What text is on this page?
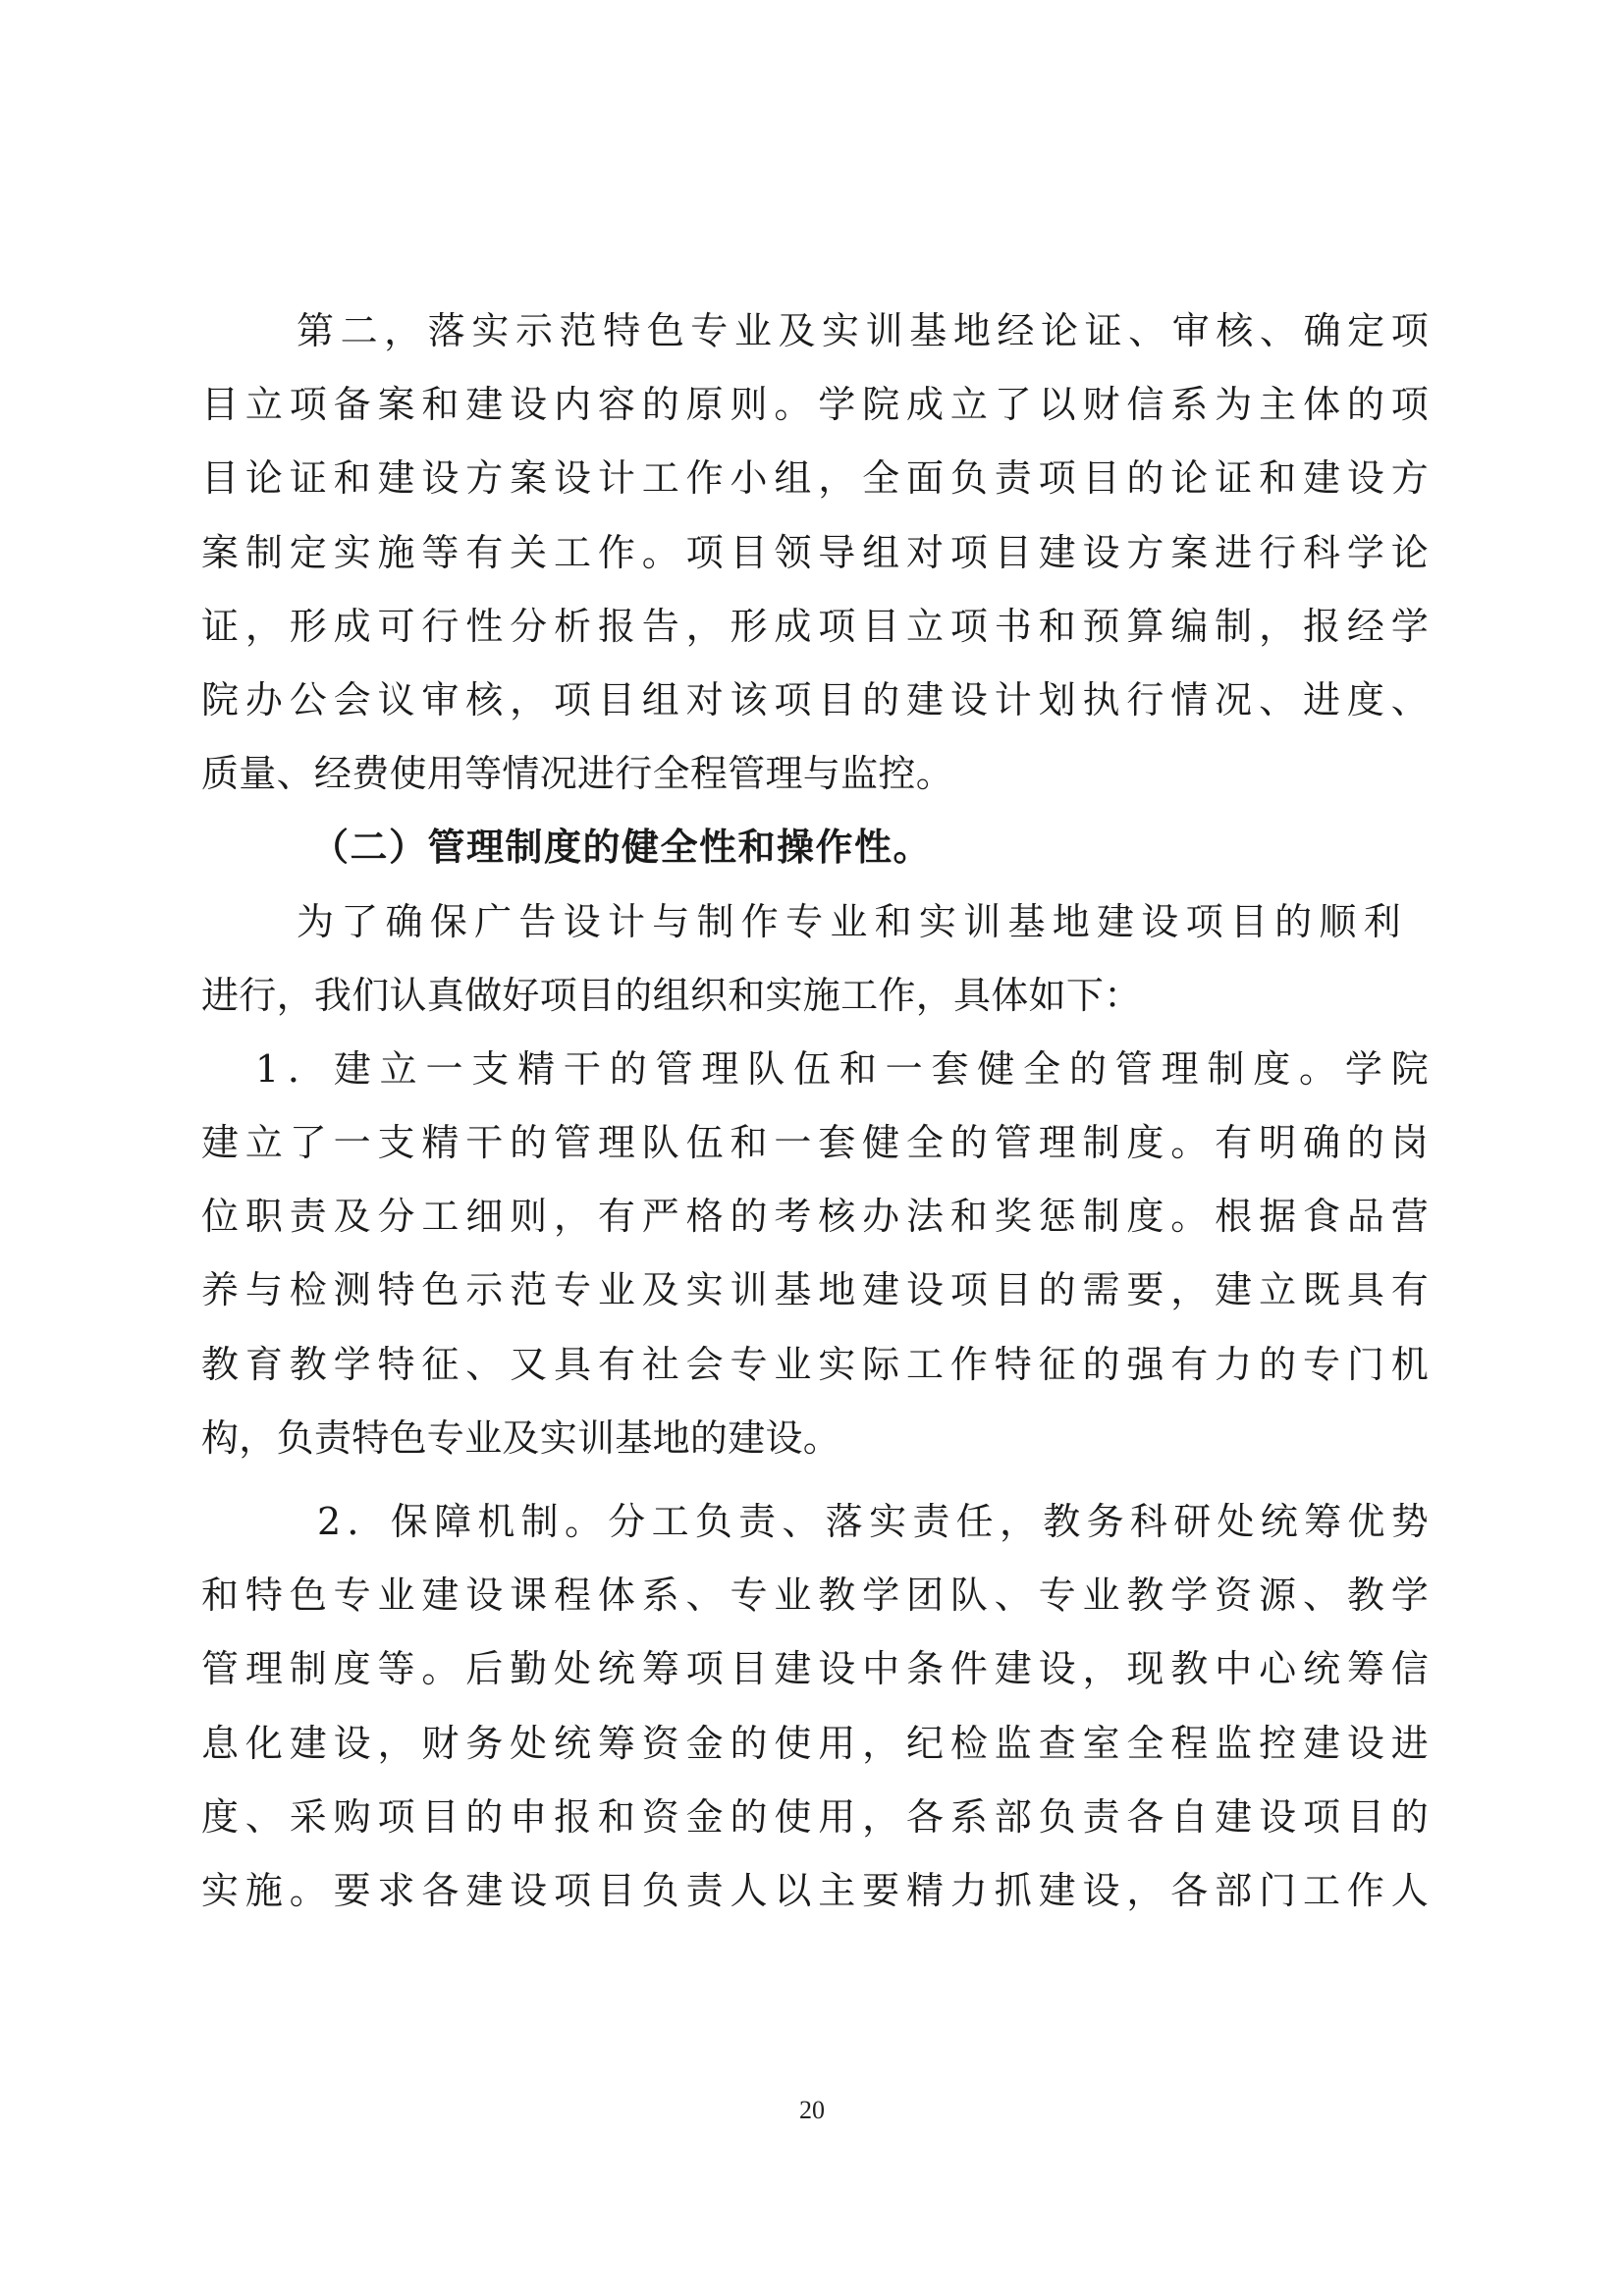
第二，落实示范特色专业及实训基地经论证、审核、确定项
目立项备案和建设内容的原则。学院成立了以财信系为主体的项
目论证和建设方案设计工作小组，全面负责项目的论证和建设方
案制定实施等有关工作。项目领导组对项目建设方案进行科学论
证，形成可行性分析报告，形成项目立项书和预算编制，报经学
院办公会议审核，项目组对该项目的建设计划执行情况、进度、
质量、经费使用等情况进行全程管理与监控。
（二）管理制度的健全性和操作性。
为了确保广告设计与制作专业和实训基地建设项目的顺利
进行，我们认真做好项目的组织和实施工作，具体如下：
1．建立一支精干的管理队伍和一套健全的管理制度。学院
建立了一支精干的管理队伍和一套健全的管理制度。有明确的岗
位职责及分工细则，有严格的考核办法和奖惩制度。根据食品营
养与检测特色示范专业及实训基地建设项目的需要，建立既具有
教育教学特征、又具有社会专业实际工作特征的强有力的专门机
构，负责特色专业及实训基地的建设。
2．保障机制。分工负责、落实责任，教务科研处统筹优势
和特色专业建设课程体系、专业教学团队、专业教学资源、教学
管理制度等。后勤处统筹项目建设中条件建设，现教中心统筹信
息化建设，财务处统筹资金的使用，纪检监查室全程监控建设进
度、采购项目的申报和资金的使用，各系部负责各自建设项目的
实施。要求各建设项目负责人以主要精力抓建设，各部门工作人
20
